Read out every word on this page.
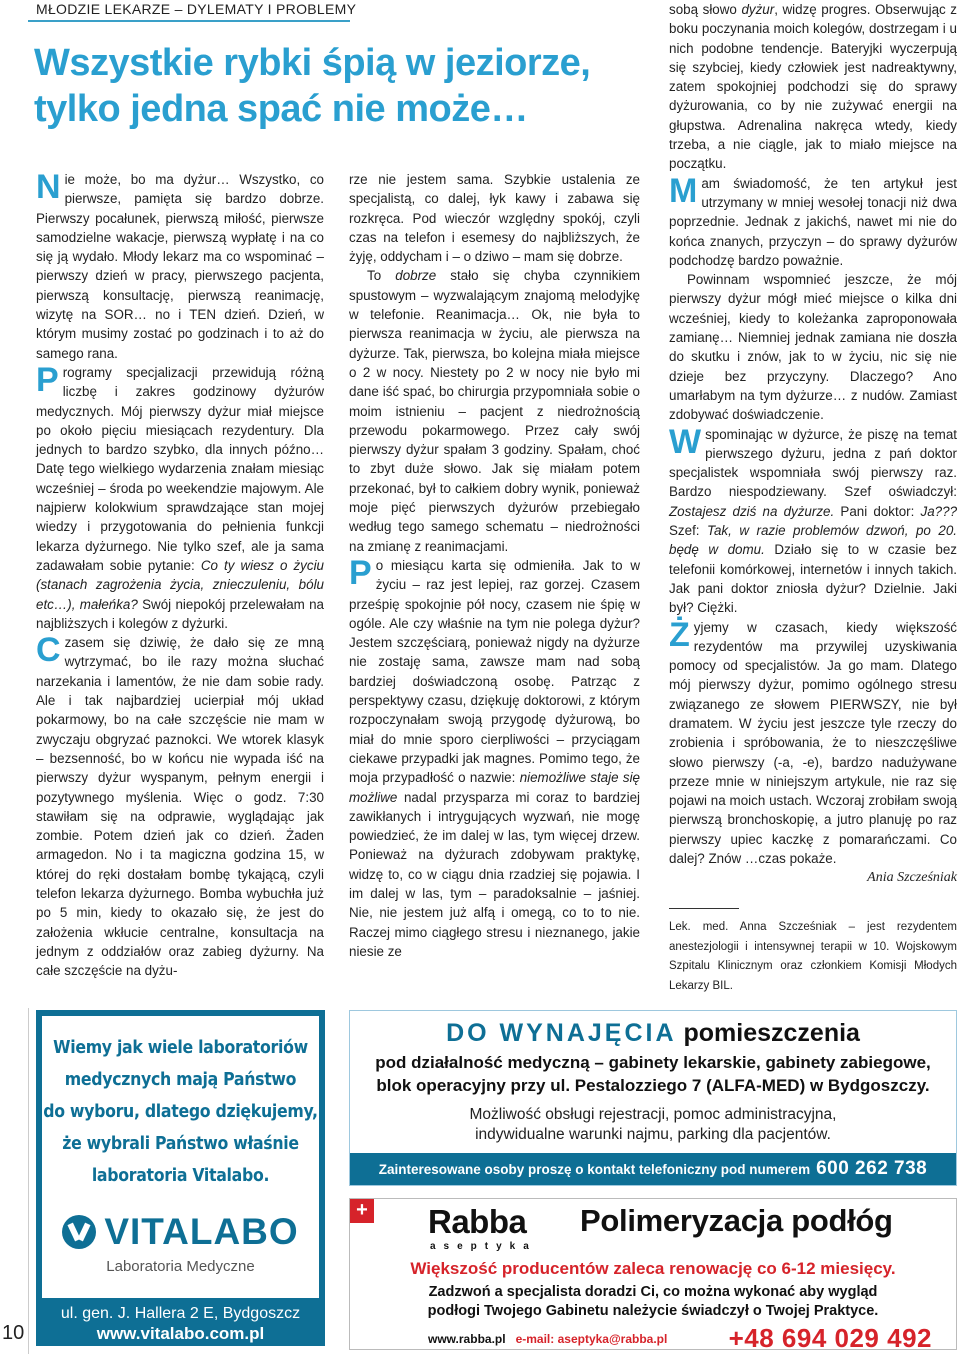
MŁODZIE LEKARZE – DYLEMATY I PROBLEMY
Wszystkie rybki śpią w jeziorze,
tylko jedna spać nie może…

Nie może, bo ma dyżur… Wszystko, co pierwsze, pamięta się bardzo dobrze. Pierwszy pocałunek, pierwszą miłość, pierwsze samodzielne wakacje, pierwszą wypłatę i na co się ją wydało. Młody lekarz ma co wspominać – pierwszy dzień w pracy, pierwszego pacjenta, pierwszą konsultację, pierwszą reanimację, wizytę na SOR… no i TEN dzień. Dzień, w którym musimy zostać po godzinach i to aż do samego rana.

Programy specjalizacji przewidują różną liczbę i zakres godzinowy dyżurów medycznych. Mój pierwszy dyżur miał miejsce po około pięciu miesiącach rezydentury. Dla jednych to bardzo szybko, dla innych późno… Datę tego wielkiego wydarzenia znałam miesiąc wcześniej – środa po weekendzie majowym. Ale najpierw kolokwium sprawdzające stan mojej wiedzy i przygotowania do pełnienia funkcji lekarza dyżurnego. Nie tylko szef, ale ja sama zadawałam sobie pytanie: Co ty wiesz o życiu (stanach zagrożenia życia, znieczuleniu, bólu etc…), małeńka? Swój niepokój przelewałam na najbliższych i kolegów z dyżurki.

Czasem się dziwię, że dało się ze mną wytrzymać, bo ile razy można słuchać narzekania i lamentów, że nie dam sobie rady. Ale i tak najbardziej ucierpiał mój układ pokarmowy, bo na całe szczęście nie mam w zwyczaju obgryzać paznokci. We wtorek klasyk – bezsenność, bo w końcu nie wypada iść na pierwszy dyżur wyspanym, pełnym energii i pozytywnego myślenia. Więc o godz. 7:30 stawiłam się na odprawie, wyglądając jak zombie. Potem dzień jak co dzień. Żaden armagedon. No i ta magiczna godzina 15, w której do ręki dostałam bombę tykającą, czyli telefon lekarza dyżurnego. Bomba wybuchła już po 5 min, kiedy to okazało się, że jest do założenia wkłucie centralne, konsultacja na jednym z oddziałów oraz zabieg dyżurny. Na całe szczęście na dyżu-

rze nie jestem sama. Szybkie ustalenia ze specjalistą, co dalej, łyk kawy i zabawa się rozkręca. Pod wieczór względny spokój, czyli czas na telefon i esemesy do najbliższych, że żyję, oddycham i – o dziwo – mam się dobrze.

To dobrze stało się chyba czynnikiem spustowym – wyzwalającym znajomą melodyjkę w telefonie. Reanimacja… Ok, nie była to pierwsza reanimacja w życiu, ale pierwsza na dyżurze. Tak, pierwsza, bo kolejna miała miejsce o 2 w nocy. Niestety po 2 w nocy nie było mi dane iść spać, bo chirurgia przypomniała sobie o moim istnieniu – pacjent z niedrożnością przewodu pokarmowego. Przez cały swój pierwszy dyżur spałam 3 godziny. Spałam, choć to zbyt duże słowo. Jak się miałam potem przekonać, był to całkiem dobry wynik, ponieważ moje pięć pierwszych dyżurów przebiegało według tego samego schematu – niedrożności na zmianę z reanimacjami.

Po miesiącu karta się odmieniła. Jak to w życiu – raz jest lepiej, raz gorzej. Czasem prześpię spokojnie pół nocy, czasem nie śpię w ogóle. Ale czy właśnie na tym nie polega dyżur? Jestem szczęściarą, ponieważ nigdy na dyżurze nie zostaję sama, zawsze mam nad sobą bardziej doświadczoną osobę. Patrząc z perspektywy czasu, dziękuję doktorowi, z którym rozpoczynałam swoją przygodę dyżurową, bo miał do mnie sporo cierpliwości – przyciągam ciekawe przypadki jak magnes. Pomimo tego, że moja przypadłość o nazwie: niemożliwe staje się możliwe nadal przysparza mi coraz to bardziej zawikłanych i intrygujących wyzwań, nie mogę powiedzieć, że im dalej w las, tym więcej drzew. Ponieważ na dyżurach zdobywam praktykę, widzę to, co w ciągu dnia rzadziej się pojawia. I im dalej w las, tym – paradoksalnie – jaśniej. Nie, nie jestem już alfą i omegą, co to to nie. Raczej mimo ciągłego stresu i nieznanego, jakie niesie ze

sobą słowo dyżur, widzę progres. Obserwując z boku poczynania moich kolegów, dostrzegam i u nich podobne tendencje. Bateryjki wyczerpują się szybciej, kiedy człowiek jest nadreaktywny, zatem spokojniej podchodzi się do sprawy dyżurowania, co by nie zużywać energii na głupstwa. Adrenalina nakręca wtedy, kiedy trzeba, a nie ciągle, jak to miało miejsce na początku.

Mam świadomość, że ten artykuł jest utrzymany w mniej wesołej tonacji niż dwa poprzednie. Jednak z jakichś, nawet mi nie do końca znanych, przyczyn – do sprawy dyżurów podchodzę bardzo poważnie.

Powinnam wspomnieć jeszcze, że mój pierwszy dyżur mógł mieć miejsce o kilka dni wcześniej, kiedy to koleżanka zaproponowała zamianę… Niemniej jednak zamiana nie doszła do skutku i znów, jak to w życiu, nic się nie dzieje bez przyczyny. Dlaczego? Ano umarłabym na tym dyżurze… z nudów. Zamiast zdobywać doświadczenie.

Wspominając w dyżurce, że piszę na temat pierwszego dyżuru, jedna z pań doktor specjalistek wspomniała swój pierwszy raz. Bardzo niespodziewany. Szef oświadczył: Zostajesz dziś na dyżurze. Pani doktor: Ja??? Szef: Tak, w razie problemów dzwoń, po 20. będę w domu. Działo się to w czasie bez telefonii komórkowej, internetów i innych takich. Jak pani doktor zniosła dyżur? Dzielnie. Jaki był? Ciężki.

Żyjemy w czasach, kiedy większość rezydentów ma przywilej uzyskiwania pomocy od specjalistów. Ja go mam. Dlatego mój pierwszy dyżur, pomimo ogólnego stresu związanego ze słowem PIERWSZY, nie był dramatem. W życiu jest jeszcze tyle rzeczy do zrobienia i spróbowania, że to nieszczęśliwe słowo pierwszy (-a, -e), bardzo nadużywane przeze mnie w niniejszym artykule, nie raz się pojawi na moich ustach. Wczoraj zrobiłam swoją pierwszą bronchoskopię, a jutro planuję po raz pierwszy upiec kaczkę z pomarańczami. Co dalej? Znów …czas pokaże.

Ania Szcześniak

Lek. med. Anna Szcześniak – jest rezydentem anestezjologii i intensywnej terapii w 10. Wojskowym Szpitalu Klinicznym oraz członkiem Komisji Młodych Lekarzy BIL.

10
Wiemy jak wiele laboratoriów
medycznych mają Państwo
do wyboru, dlatego dziękujemy,
że wybrali Państwo właśnie
laboratoria Vitalabo.
VITALABO
Laboratoria Medyczne
ul. gen. J. Hallera 2 E, Bydgoszcz
www.vitalabo.com.pl
DO WYNAJĘCIA pomieszczenia
pod działalność medyczną – gabinety lekarskie, gabinety zabiegowe,
blok operacyjny przy ul. Pestalozziego 7 (ALFA-MED) w Bydgoszczy.
Możliwość obsługi rejestracji, pomoc administracyjna,
indywidualne warunki najmu, parking dla pacjentów.
Zainteresowane osoby proszę o kontakt telefoniczny pod numerem 600 262 738
+ Rabba
aseptyka
Polimeryzacja podłóg
Większość producentów zaleca renowację co 6-12 miesięcy.
Zadzwoń a specjalista doradzi Ci, co można wykonać aby wygląd
podłogi Twojego Gabinetu należycie świadczył o Twojej Praktyce.
www.rabba.pl e-mail: aseptyka@rabba.pl +48 694 029 492
